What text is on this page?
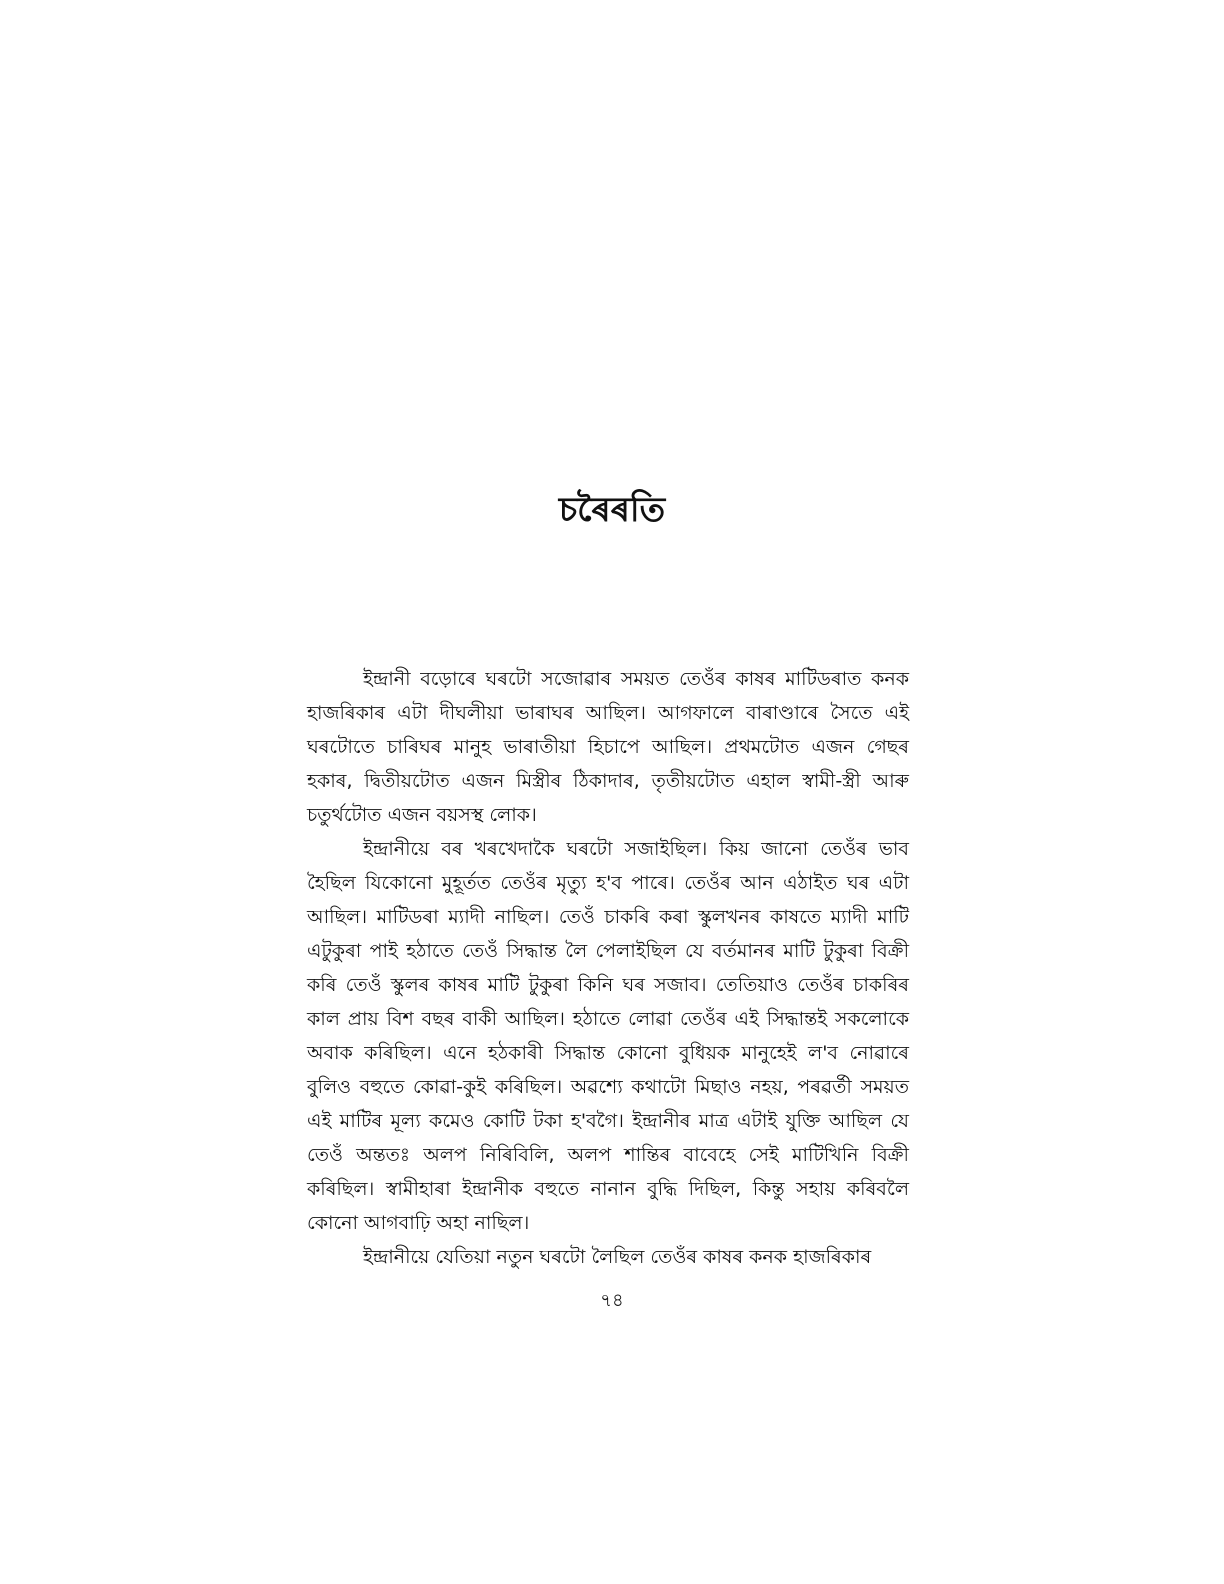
চৰৈৰতি

ইন্দ্ৰানী বড়োৰে ঘৰটো সজোৱাৰ সময়ত তেওঁৰ কাষৰ মাটিডৰাত কনক হাজৰিকাৰ এটা দীঘলীয়া ভাৰাঘৰ আছিল। আগফালে বাৰাণ্ডাৰে সৈতে এই ঘৰটোতে চাৰিঘৰ মানুহ ভাৰাতীয়া হিচাপে আছিল। প্ৰথমটোত এজন গেছৰ হকাৰ, দ্বিতীয়টোত এজন মিস্ত্ৰীৰ ঠিকাদাৰ, তৃতীয়টোত এহাল স্বামী-স্ত্ৰী আৰু চতুৰ্থটোত এজন বয়সস্থ লোক।

ইন্দ্ৰানীয়ে বৰ খৰখেদাকৈ ঘৰটো সজাইছিল। কিয় জানো তেওঁৰ ভাব হৈছিল যিকোনো মুহূৰ্তত তেওঁৰ মৃত্যু হ'ব পাৰে। তেওঁৰ আন এঠাইত ঘৰ এটা আছিল। মাটিডৰা ম্যাদী নাছিল। তেওঁ চাকৰি কৰা স্কুলখনৰ কাষতে ম্যাদী মাটি এটুকুৰা পাই হঠাতে তেওঁ সিদ্ধান্ত লৈ পেলাইছিল যে বৰ্তমানৰ মাটি টুকুৰা বিক্ৰী কৰি তেওঁ স্কুলৰ কাষৰ মাটি টুকুৰা কিনি ঘৰ সজাব। তেতিয়াও তেওঁৰ চাকৰিৰ কাল প্ৰায় বিশ বছৰ বাকী আছিল। হঠাতে লোৱা তেওঁৰ এই সিদ্ধান্তই সকলোকে অবাক কৰিছিল। এনে হঠকাৰী সিদ্ধান্ত কোনো বুধিয়ক মানুহেই ল'ব নোৱাৰে বুলিও বহুতে কোৱা-কুই কৰিছিল। অৱশ্যে কথাটো মিছাও নহয়, পৰৱৰ্তী সময়ত এই মাটিৰ মূল্য কমেও কোটি টকা হ'বগৈ। ইন্দ্ৰানীৰ মাত্ৰ এটাই যুক্তি আছিল যে তেওঁ অন্ততঃ অলপ নিৰিবিলি, অলপ শান্তিৰ বাবেহে সেই মাটিখিনি বিক্ৰী কৰিছিল। স্বামীহাৰা ইন্দ্ৰানীক বহুতে নানান বুদ্ধি দিছিল, কিন্তু সহায় কৰিবলৈ কোনো আগবাঢ়ি অহা নাছিল।

ইন্দ্ৰানীয়ে যেতিয়া নতুন ঘৰটো লৈছিল তেওঁৰ কাষৰ কনক হাজৰিকাৰ

৭৪
